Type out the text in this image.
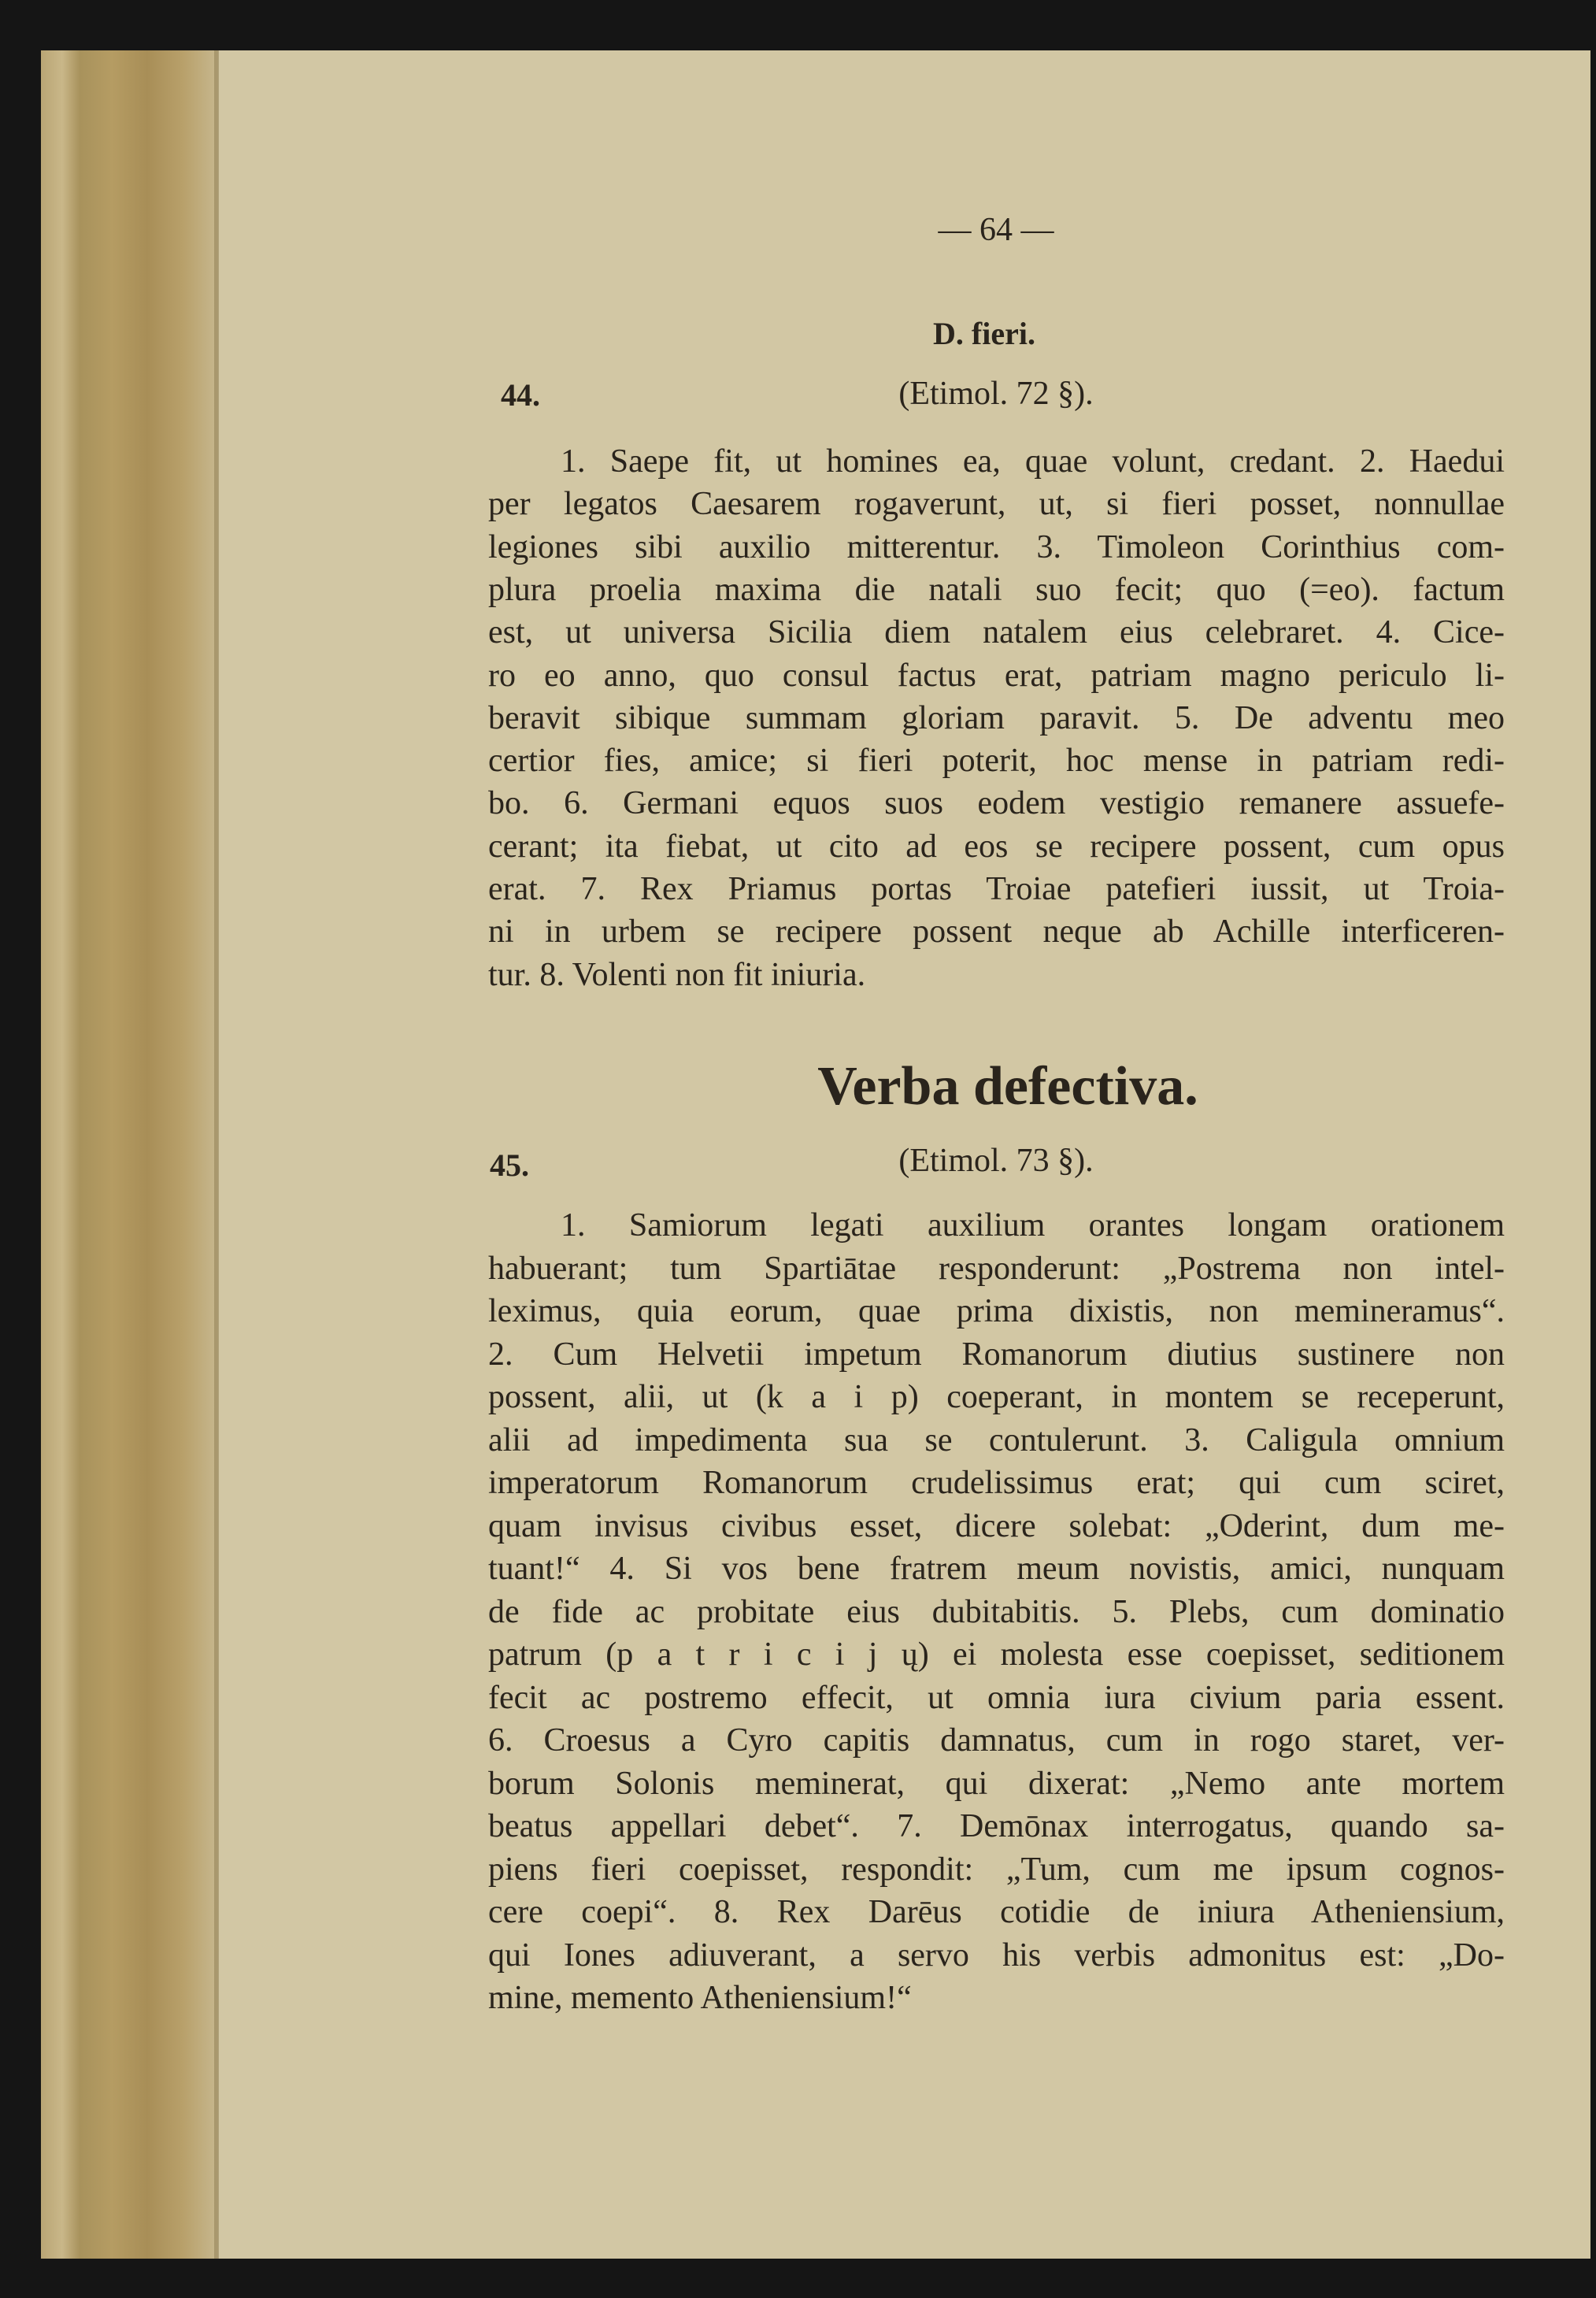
— 64 —
D. fieri.
44.	(Etimol. 72 §).
1. Saepe fit, ut homines ea, quae volunt, credant. 2. Haedui
per legatos Caesarem rogaverunt, ut, si fieri posset, nonnullae
legiones sibi auxilio mitterentur. 3. Timoleon Corinthius com-
plura proelia maxima die natali suo fecit; quo (=eo). factum
est, ut universa Sicilia diem natalem eius celebraret. 4. Cice-
ro eo anno, quo consul factus erat, patriam magno periculo li-
beravit sibique summam gloriam paravit. 5. De adventu meo
certior fies, amice; si fieri poterit, hoc mense in patriam redi-
bo. 6. Germani equos suos eodem vestigio remanere assuefe-
cerant; ita fiebat, ut cito ad eos se recipere possent, cum opus
erat. 7. Rex Priamus portas Troiae patefieri iussit, ut Troia-
ni in urbem se recipere possent neque ab Achille interficeren-
tur. 8. Volenti non fit iniuria.
Verba defectiva.
45.	(Etimol. 73 §).
1. Samiorum legati auxilium orantes longam orationem
habuerant; tum Spartiātae responderunt: „Postrema non intel-
leximus, quia eorum, quae prima dixistis, non memineramus“.
2. Cum Helvetii impetum Romanorum diutius sustinere non
possent, alii, ut (k a i p) coeperant, in montem se receperunt,
alii ad impedimenta sua se contulerunt. 3. Caligula omnium
imperatorum Romanorum crudelissimus erat; qui cum sciret,
quam invisus civibus esset, dicere solebat: „Oderint, dum me-
tuant!“ 4. Si vos bene fratrem meum novistis, amici, nunquam
de fide ac probitate eius dubitabitis. 5. Plebs, cum dominatio
patrum (p a t r i c i j ų) ei molesta esse coepisset, seditionem
fecit ac postremo effecit, ut omnia iura civium paria essent.
6. Croesus a Cyro capitis damnatus, cum in rogo staret, ver-
borum Solonis meminerat, qui dixerat: „Nemo ante mortem
beatus appellari debet“. 7. Demōnax interrogatus, quando sa-
piens fieri coepisset, respondit: „Tum, cum me ipsum cognos-
cere coepi“. 8. Rex Darēus cotidie de iniura Atheniensium,
qui Iones adiuverant, a servo his verbis admonitus est: „Do-
mine, memento Atheniensium!“
